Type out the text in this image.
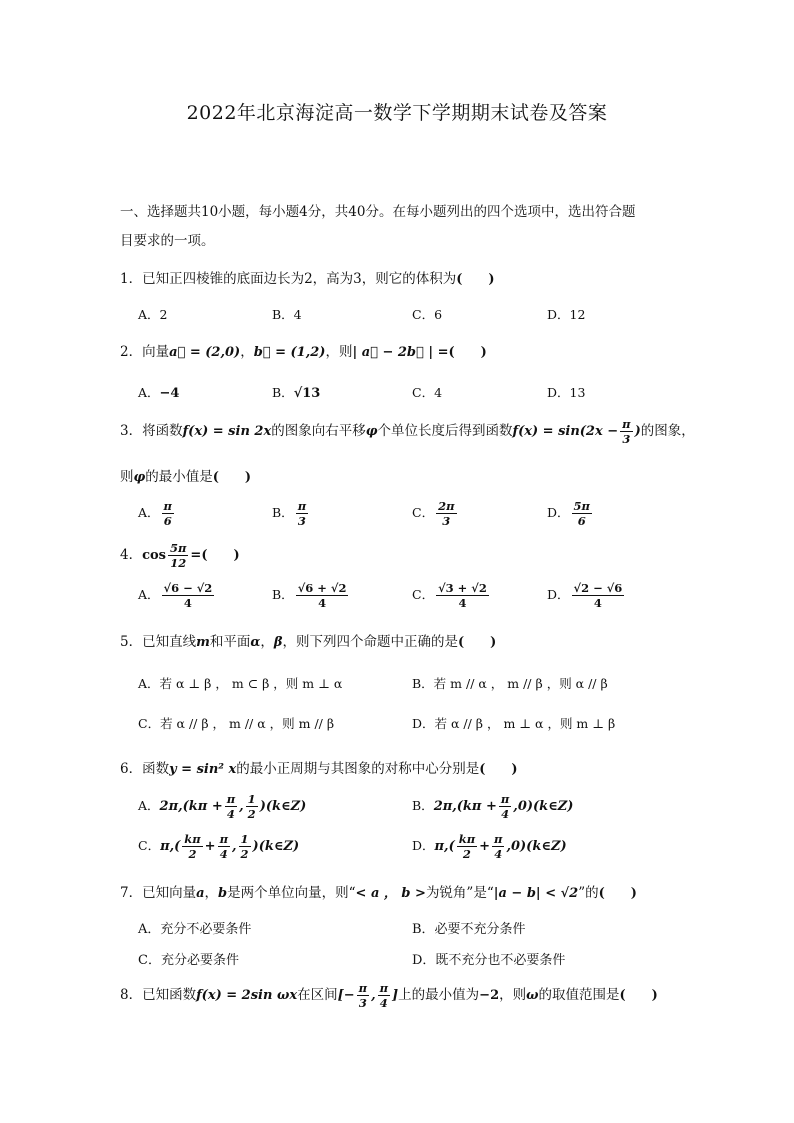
2022年北京海淀高一数学下学期期末试卷及答案
一、选择题共10小题，每小题4分，共40分。在每小题列出的四个选项中，选出符合题
目要求的一项。
1．已知正四棱锥的底面边长为2，高为3，则它的体积为(　　)
A．2	B．4	C．6	D．12
2．向量a⃗ = (2,0)，b⃗ = (1,2)，则| a⃗ − 2b⃗ | =(　　)
A．−4	B．√13	C．4	D．13
3．将函数f(x) = sin 2x的图象向右平移φ个单位长度后得到函数$f(x) = \sin(2x - \frac{\pi}{3}$ )的图象，
则φ的最小值是(　　)
A． $\frac{\pi}{6}$	B． $\frac{\pi}{3}$	C． $\frac{2\pi}{3}$	D． $\frac{5\pi}{6}$
4．$\cos \frac{5\pi}{12}$ =(　　)
A． $\frac{√6 - √2}{4}$	B． $\frac{√6 + √2}{4}$	C． $\frac{√3 + √2}{4}$	D． $\frac{√2 - √6}{4}$
5．已知直线m和平面α，β，则下列四个命题中正确的是(　　)
A．若 α ⊥ β ， m ⊂ β ，则 m ⊥ α	B．若 m // α ， m // β ，则 α // β
C．若 α // β ， m // α ，则 m // β	D．若 α // β ， m ⊥ α ，则 m ⊥ β
6．函数y = sin² x的最小正周期与其图象的对称中心分别是(　　)
A．$2\pi,(k\pi + \frac{\pi}{4}$ , $\frac{1}{2}$ )(k∈Z)	B．$2\pi,(k\pi + \frac{\pi}{4}$ ,0)(k∈Z)
C．$\pi,( \frac{k\pi}{2} + \frac{\pi}{4}$ , $\frac{1}{2}$ )(k∈Z)	D．$\pi,( \frac{k\pi}{2} + \frac{\pi}{4}$ ,0)(k∈Z)
7．已知向量a，b是两个单位向量，则“< a ， b >为锐角”是“|a − b| < √2”的(　　)
A．充分不必要条件	B．必要不充分条件
C．充分必要条件	D．既不充分也不必要条件
8．已知函数f(x) = 2sin ωx在区间[− $\frac{\pi}{3}$ , $\frac{\pi}{4}$ ]上的最小值为−2，则ω的取值范围是(　　)
